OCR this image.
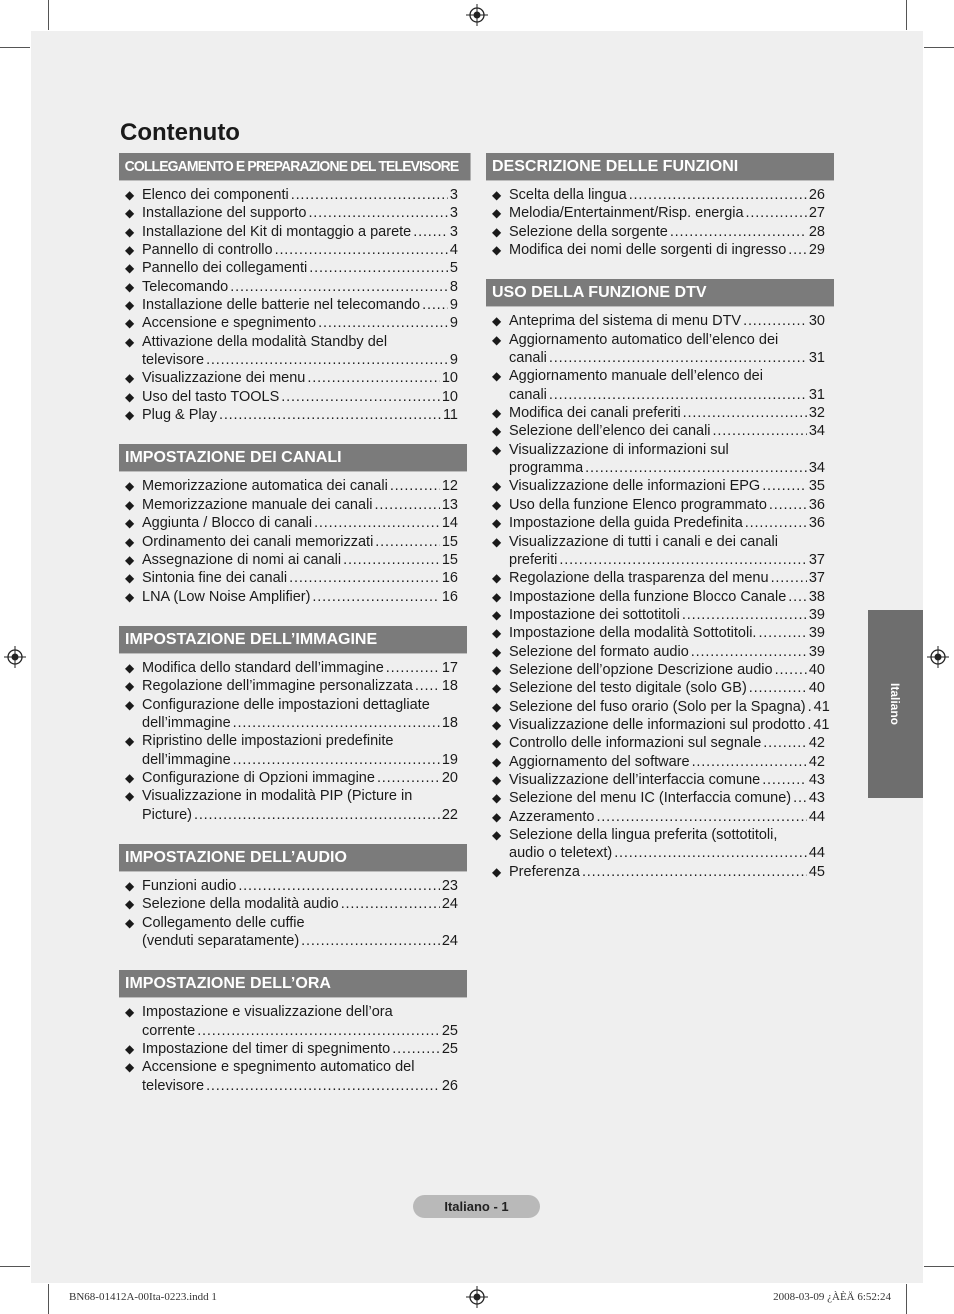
Contenuto
COLLEGAMENTO E PREPARAZIONE DEL TELEVISORE
◆ Elenco dei componenti . . .	3
◆ Installazione del supporto . . .	3
◆ Installazione del Kit di montaggio a parete . . .	3
◆ Pannello di controllo . . .	4
◆ Pannello dei collegamenti . . .	5
◆ Telecomando . . .	8
◆ Installazione delle batterie nel telecomando . . . 9
◆ Accensione e spegnimento . . .	9
◆ Attivazione della modalità Standby del
televisore . . .	9
◆ Visualizzazione dei menu . . .	10
◆ Uso del tasto TOOLS . . .	10
◆ Plug & Play . . .	11
IMPOSTAZIONE DEI CANALI
◆ Memorizzazione automatica dei canali . . .	12
◆ Memorizzazione manuale dei canali . . .	13
◆ Aggiunta / Blocco di canali . . .	14
◆ Ordinamento dei canali memorizzati . . .	15
◆ Assegnazione di nomi ai canali . . .	15
◆ Sintonia fine dei canali . . .	16
◆ LNA (Low Noise Amplifier) . . .	16
IMPOSTAZIONE DELL’IMMAGINE
◆ Modifica dello standard dell’immagine . . .	17
◆ Regolazione dell’immagine personalizzata . . . 18
◆ Configurazione delle impostazioni dettagliate
dell’immagine . . .	18
◆ Ripristino delle impostazioni predefinite
dell’immagine . . .	19
◆ Configurazione di Opzioni immagine . . .	20
◆ Visualizzazione in modalità PIP (Picture in
Picture) . . .	22
IMPOSTAZIONE DELL’AUDIO
◆ Funzioni audio . . .	23
◆ Selezione della modalità audio . . .	24
◆ Collegamento delle cuffie
(venduti separatamente) . . .	24
IMPOSTAZIONE DELL’ORA
◆ Impostazione e visualizzazione dell’ora
corrente . . .	25
◆ Impostazione del timer di spegnimento . . .	25
◆ Accensione e spegnimento automatico del
televisore . . .	26
DESCRIZIONE DELLE FUNZIONI
◆ Scelta della lingua . . .	26
◆ Melodia/Entertainment/Risp. energia . . .	27
◆ Selezione della sorgente . . .	28
◆ Modifica dei nomi delle sorgenti di ingresso . . . 29
USO DELLA FUNZIONE DTV
◆ Anteprima del sistema di menu DTV . . .	30
◆ Aggiornamento automatico dell’elenco dei
canali . . .	31
◆ Aggiornamento manuale dell’elenco dei
canali . . .	31
◆ Modifica dei canali preferiti . . .	32
◆ Selezione dell’elenco dei canali . . .	34
◆ Visualizzazione di informazioni sul
programma . . .	34
◆ Visualizzazione delle informazioni EPG . . .	35
◆ Uso della funzione Elenco programmato . . .	36
◆ Impostazione della guida Predefinita . . .	36
◆ Visualizzazione di tutti i canali e dei canali
preferiti . . .	37
◆ Regolazione della trasparenza del menu . . .	37
◆ Impostazione della funzione Blocco Canale . . . 38
◆ Impostazione dei sottotitoli . . .	39
◆ Impostazione della modalità Sottotitoli. . . .	39
◆ Selezione del formato audio . . .	39
◆ Selezione dell’opzione Descrizione audio . . .	40
◆ Selezione del testo digitale (solo GB) . . .	40
◆ Selezione del fuso orario (Solo per la Spagna) . . . 41
◆ Visualizzazione delle informazioni sul prodotto . . . 41
◆ Controllo delle informazioni sul segnale . . .	42
◆ Aggiornamento del software . . .	42
◆ Visualizzazione dell’interfaccia comune . . .	43
◆ Selezione del menu IC (Interfaccia comune) . . . 43
◆ Azzeramento . . .	44
◆ Selezione della lingua preferita (sottotitoli,
audio o teletext) . . .	44
◆ Preferenza . . .	45
Italiano
Italiano - 1
BN68-01412A-00Ita-0223.indd 1	2008-03-09 ¿ÀÈÄ 6:52:24
